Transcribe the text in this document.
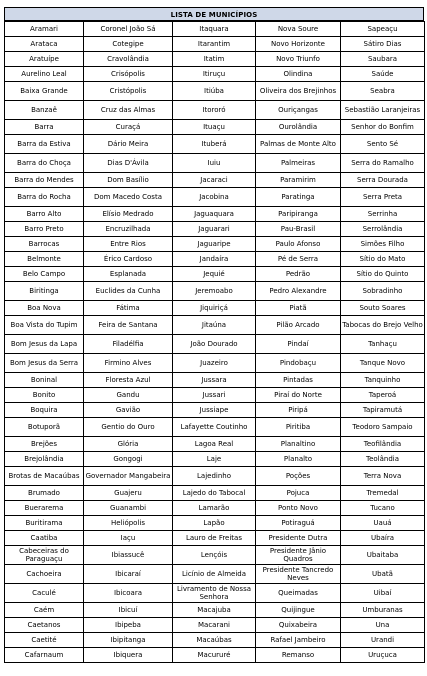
LISTA DE MUNICÍPIOS
Aramari	Coronel João Sá	Itaquara	Nova Soure	Sapeaçu
Arataca	Cotegipe	Itarantim	Novo Horizonte	Sátiro Dias
Aratuípe	Cravolândia	Itatim	Novo Triunfo	Saubara
Aurelino Leal	Crisópolis	Itiruçu	Olindina	Saúde
Baixa Grande	Cristópolis	Itiúba	Oliveira dos Brejinhos	Seabra
Banzaê	Cruz das Almas	Itororó	Ouriçangas	Sebastião Laranjeiras
Barra	Curaçá	Ituaçu	Ourolândia	Senhor do Bonfim
Barra da Estiva	Dário Meira	Ituberá	Palmas de Monte Alto	Sento Sé
Barra do Choça	Dias D'Ávila	Iuiu	Palmeiras	Serra do Ramalho
Barra do Mendes	Dom Basílio	Jacaraci	Paramirim	Serra Dourada
Barra do Rocha	Dom Macedo Costa	Jacobina	Paratinga	Serra Preta
Barro Alto	Elísio Medrado	Jaguaquara	Paripiranga	Serrinha
Barro Preto	Encruzilhada	Jaguarari	Pau-Brasil	Serrolândia
Barrocas	Entre Rios	Jaguaripe	Paulo Afonso	Simões Filho
Belmonte	Érico Cardoso	Jandaíra	Pé de Serra	Sítio do Mato
Belo Campo	Esplanada	Jequié	Pedrão	Sítio do Quinto
Biritinga	Euclides da Cunha	Jeremoabo	Pedro Alexandre	Sobradinho
Boa Nova	Fátima	Jiquiriçá	Piatã	Souto Soares
Boa Vista do Tupim	Feira de Santana	Jitaúna	Pilão Arcado	Tabocas do Brejo Velho
Bom Jesus da Lapa	Filadélfia	João Dourado	Pindaí	Tanhaçu
Bom Jesus da Serra	Firmino Alves	Juazeiro	Pindobaçu	Tanque Novo
Boninal	Floresta Azul	Jussara	Pintadas	Tanquinho
Bonito	Gandu	Jussari	Piraí do Norte	Taperoá
Boquira	Gavião	Jussiape	Piripá	Tapiramutá
Botuporã	Gentio do Ouro	Lafayette Coutinho	Piritiba	Teodoro Sampaio
Brejões	Glória	Lagoa Real	Planaltino	Teofilândia
Brejolândia	Gongogi	Laje	Planalto	Teolândia
Brotas de Macaúbas	Governador Mangabeira	Lajedinho	Poções	Terra Nova
Brumado	Guajeru	Lajedo do Tabocal	Pojuca	Tremedal
Buerarema	Guanambi	Lamarão	Ponto Novo	Tucano
Buritirama	Heliópolis	Lapão	Potiraguá	Uauá
Caatiba	Iaçu	Lauro de Freitas	Presidente Dutra	Ubaíra
Cabeceiras do Paraguaçu	Ibiassucê	Lençóis	Presidente Jânio Quadros	Ubaitaba
Cachoeira	Ibicaraí	Licínio de Almeida	Presidente Tancredo Neves	Ubatã
Caculé	Ibicoara	Livramento de Nossa Senhora	Queimadas	Uibaí
Caém	Ibicuí	Macajuba	Quijingue	Umburanas
Caetanos	Ibipeba	Macarani	Quixabeira	Una
Caetité	Ibipitanga	Macaúbas	Rafael Jambeiro	Urandi
Cafarnaum	Ibiquera	Macururé	Remanso	Uruçuca
